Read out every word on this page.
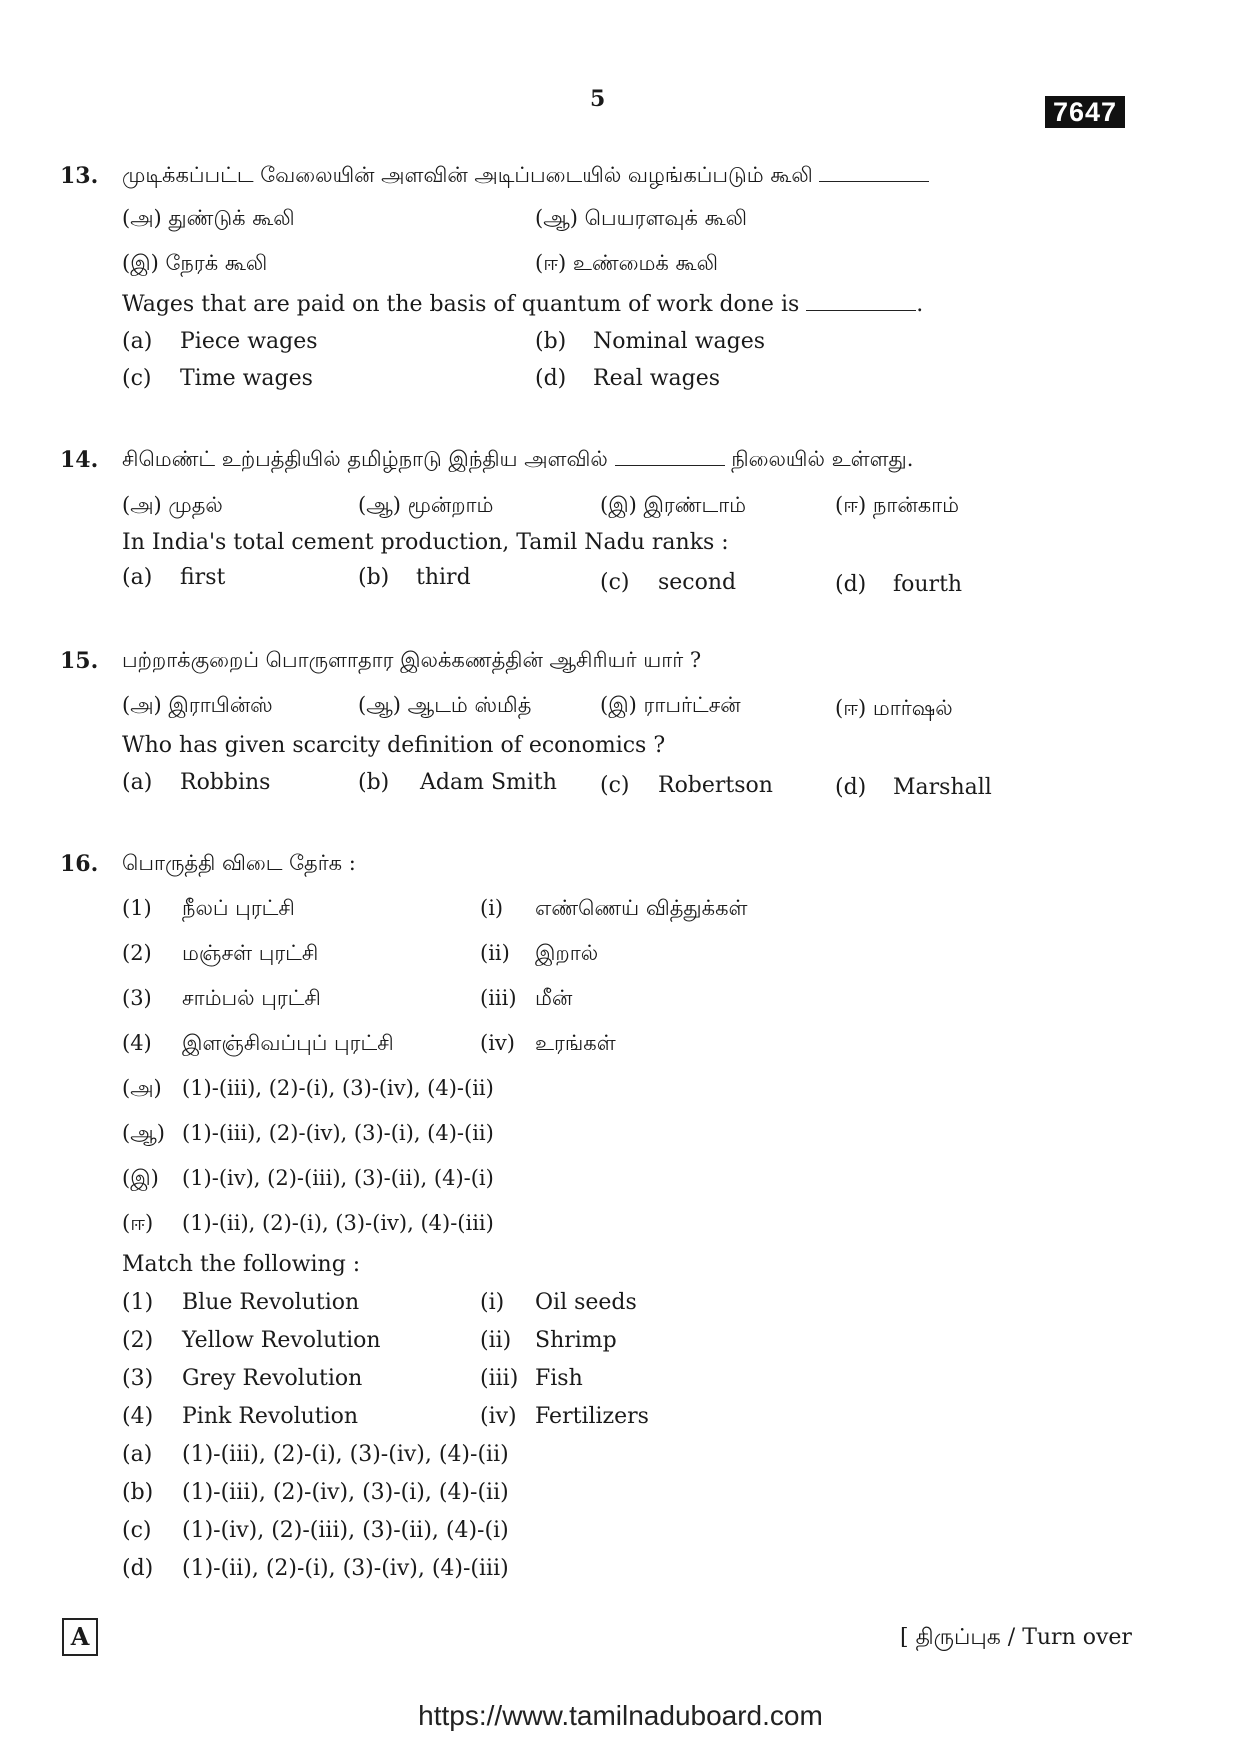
5	7647
13. முடிக்கப்பட்ட வேலையின் அளவின் அடிப்படையில் வழங்கப்படும் கூலி
(அ) துண்டுக் கூலி	(ஆ) பெயரளவுக் கூலி
(இ) நேரக் கூலி	(ஈ) உண்மைக் கூலி
Wages that are paid on the basis of quantum of work done is	.
(a) Piece wages	(b) Nominal wages
(c) Time wages	(d) Real wages
14. சிமெண்ட் உற்பத்தியில் தமிழ்நாடு இந்திய அளவில்	நிலையில் உள்ளது.
(அ) முதல்	(ஆ) மூன்றாம்	(இ) இரண்டாம்	(ஈ) நான்காம்
In India's total cement production, Tamil Nadu ranks :
(a) first	(b) third	(c) second	(d) fourth
15. பற்றாக்குறைப் பொருளாதார இலக்கணத்தின் ஆசிரியர் யார் ?
(அ) இராபின்ஸ்	(ஆ) ஆடம் ஸ்மித்	(இ) ராபர்ட்சன்	(ஈ) மார்ஷல்
Who has given scarcity definition of economics ?
(a) Robbins	(b) Adam Smith (c) Robertson	(d) Marshall
16. பொருத்தி விடை தேர்க :
(1) நீலப் புரட்சி	(i) எண்ணெய் வித்துக்கள்
(2) மஞ்சள் புரட்சி	(ii) இறால்
(3) சாம்பல் புரட்சி	(iii) மீன்
(4) இளஞ்சிவப்புப் புரட்சி	(iv) உரங்கள்
(அ) (1)-(iii), (2)-(i), (3)-(iv), (4)-(ii)
(ஆ) (1)-(iii), (2)-(iv), (3)-(i), (4)-(ii)
(இ) (1)-(iv), (2)-(iii), (3)-(ii), (4)-(i)
(ஈ) (1)-(ii), (2)-(i), (3)-(iv), (4)-(iii)
Match the following :
(1) Blue Revolution	(i) Oil seeds
(2) Yellow Revolution	(ii) Shrimp
(3) Grey Revolution	(iii) Fish
(4) Pink Revolution	(iv) Fertilizers
(a) (1)-(iii), (2)-(i), (3)-(iv), (4)-(ii)
(b) (1)-(iii), (2)-(iv), (3)-(i), (4)-(ii)
(c) (1)-(iv), (2)-(iii), (3)-(ii), (4)-(i)
(d) (1)-(ii), (2)-(i), (3)-(iv), (4)-(iii)
A	[ திருப்புக / Turn over
https://www.tamilnaduboard.com
